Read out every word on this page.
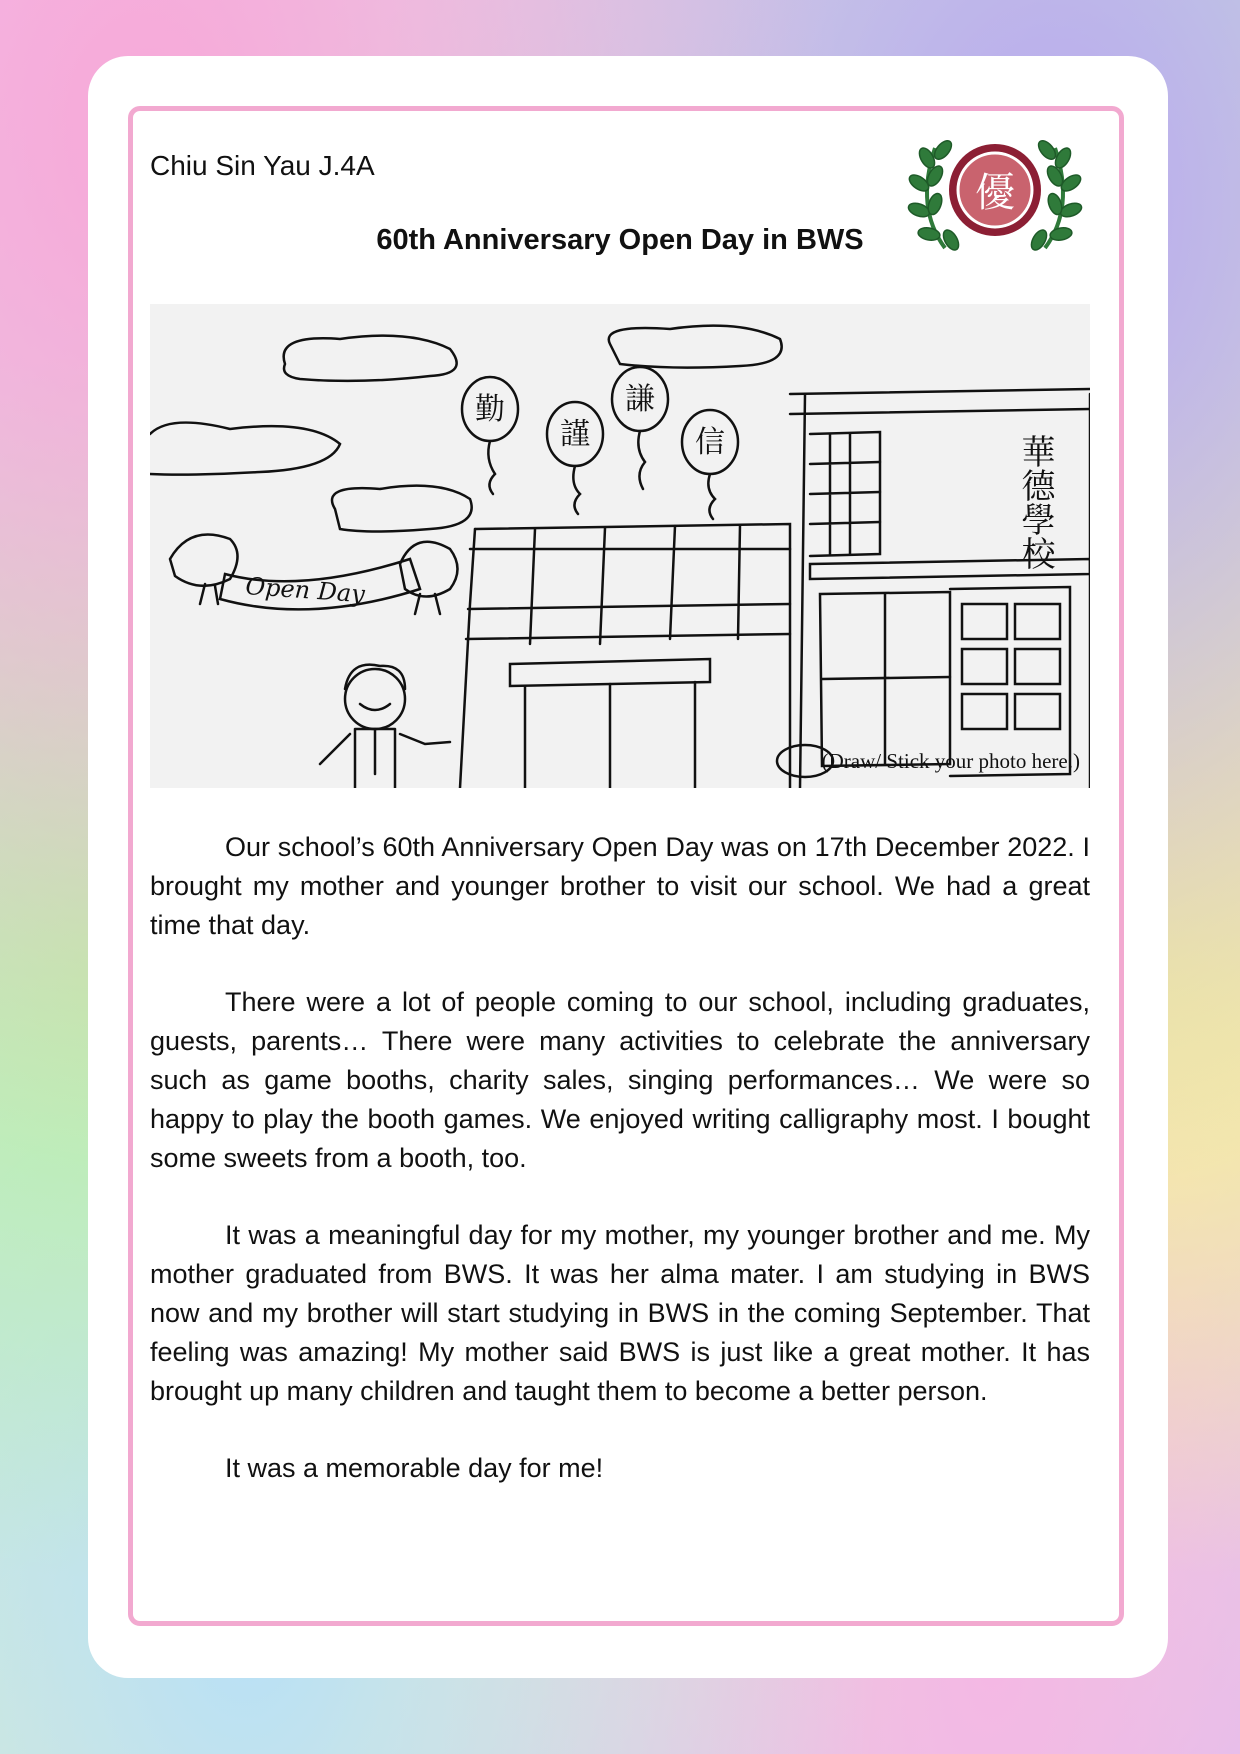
Chiu Sin Yau J.4A
60th Anniversary Open Day in BWS
優
勤
謹
謙
信	華德學校
Open Day
(Draw/ Stick your photo here.)

Our school’s 60th Anniversary Open Day was on 17th December 2022. I brought my mother and younger brother to visit our school. We had a great time that day.

There were a lot of people coming to our school, including graduates, guests, parents… There were many activities to celebrate the anniversary such as game booths, charity sales, singing performances… We were so happy to play the booth games. We enjoyed writing calligraphy most. I bought some sweets from a booth, too.

It was a meaningful day for my mother, my younger brother and me. My mother graduated from BWS. It was her alma mater. I am studying in BWS now and my brother will start studying in BWS in the coming September. That feeling was amazing! My mother said BWS is just like a great mother. It has brought up many children and taught them to become a better person.

It was a memorable day for me!
